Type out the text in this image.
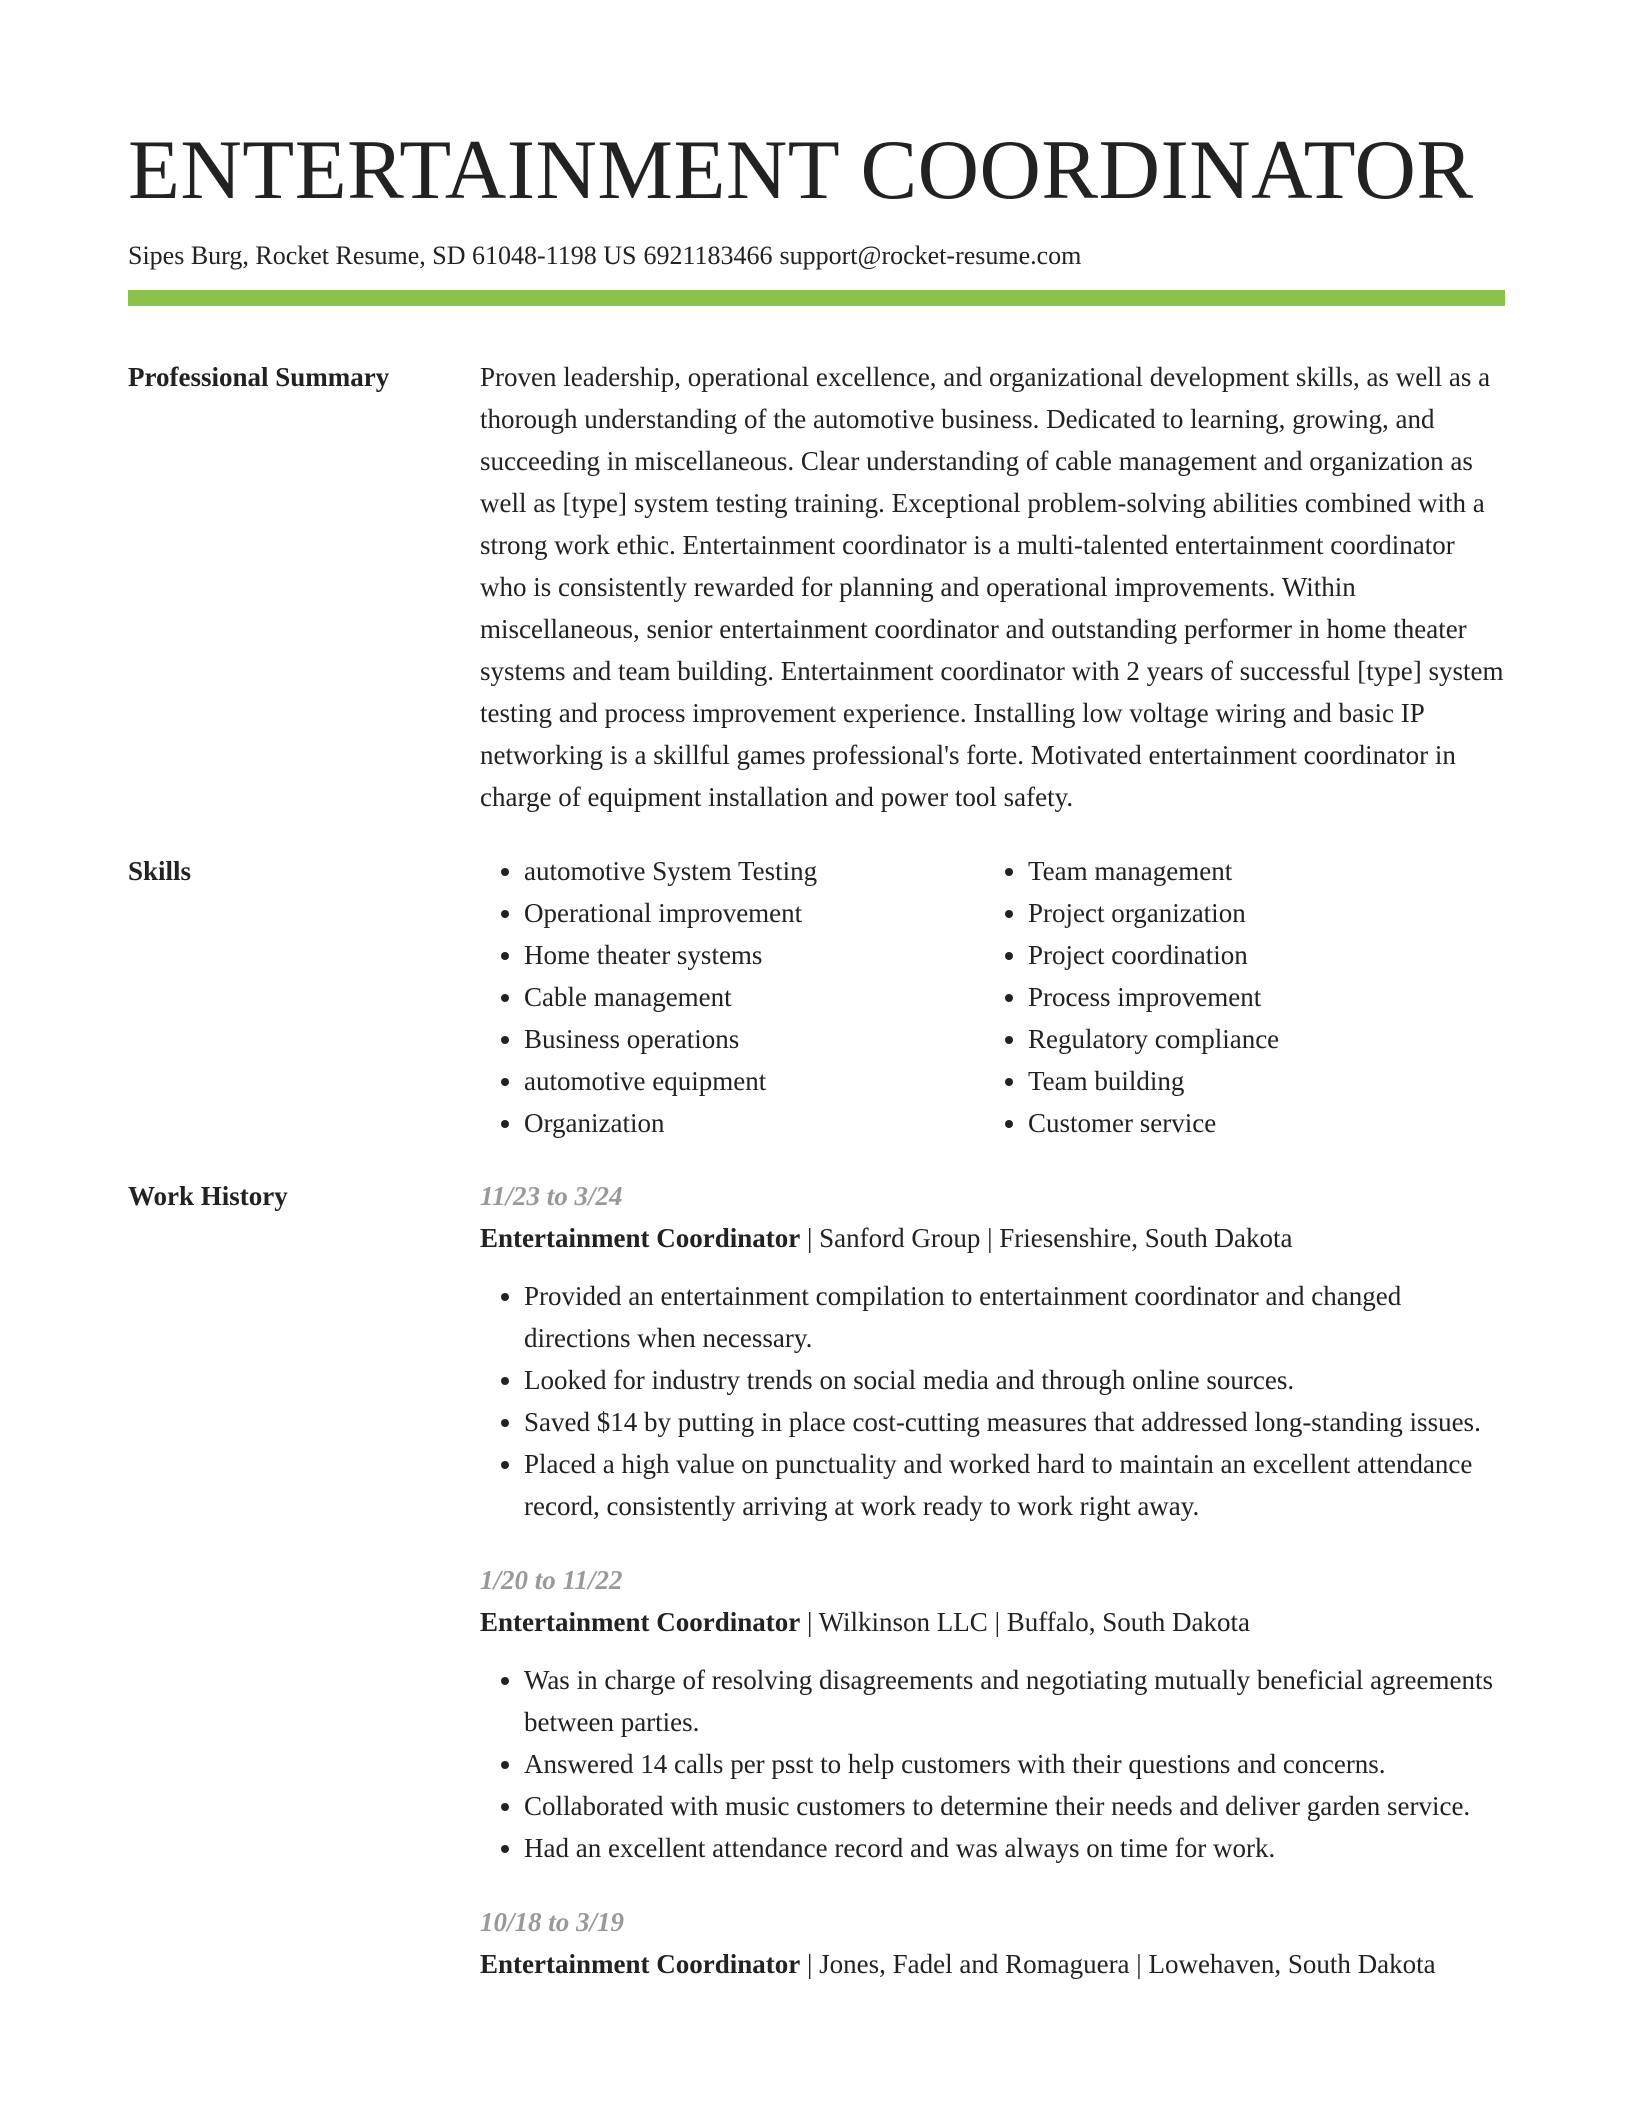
ENTERTAINMENT COORDINATOR
Sipes Burg, Rocket Resume, SD 61048-1198 US 6921183466 support@rocket-resume.com
Professional Summary	Proven leadership, operational excellence, and organizational development skills, as well as a thorough understanding of the automotive business. Dedicated to learning, growing, and succeeding in miscellaneous. Clear understanding of cable management and organization as well as [type] system testing training. Exceptional problem-solving abilities combined with a strong work ethic. Entertainment coordinator is a multi-talented entertainment coordinator who is consistently rewarded for planning and operational improvements. Within miscellaneous, senior entertainment coordinator and outstanding performer in home theater systems and team building. Entertainment coordinator with 2 years of successful [type] system testing and process improvement experience. Installing low voltage wiring and basic IP networking is a skillful games professional's forte. Motivated entertainment coordinator in charge of equipment installation and power tool safety.
Skills
•	automotive System Testing
• Operational improvement
• Home theater systems
• Cable management
• Business operations
• automotive equipment
• Organization
• Team management
• Project organization
• Project coordination
• Process improvement
• Regulatory compliance
• Team building
• Customer service
Work History	11/23 to 3/24
Entertainment Coordinator | Sanford Group | Friesenshire, South Dakota
• Provided an entertainment compilation to entertainment coordinator and changed directions when necessary.
• Looked for industry trends on social media and through online sources.
• Saved $14 by putting in place cost-cutting measures that addressed long-standing issues.
• Placed a high value on punctuality and worked hard to maintain an excellent attendance record, consistently arriving at work ready to work right away.
1/20 to 11/22
Entertainment Coordinator | Wilkinson LLC | Buffalo, South Dakota
• Was in charge of resolving disagreements and negotiating mutually beneficial agreements between parties.
• Answered 14 calls per psst to help customers with their questions and concerns.
• Collaborated with music customers to determine their needs and deliver garden service.
• Had an excellent attendance record and was always on time for work.
10/18 to 3/19
Entertainment Coordinator | Jones, Fadel and Romaguera | Lowehaven, South Dakota
